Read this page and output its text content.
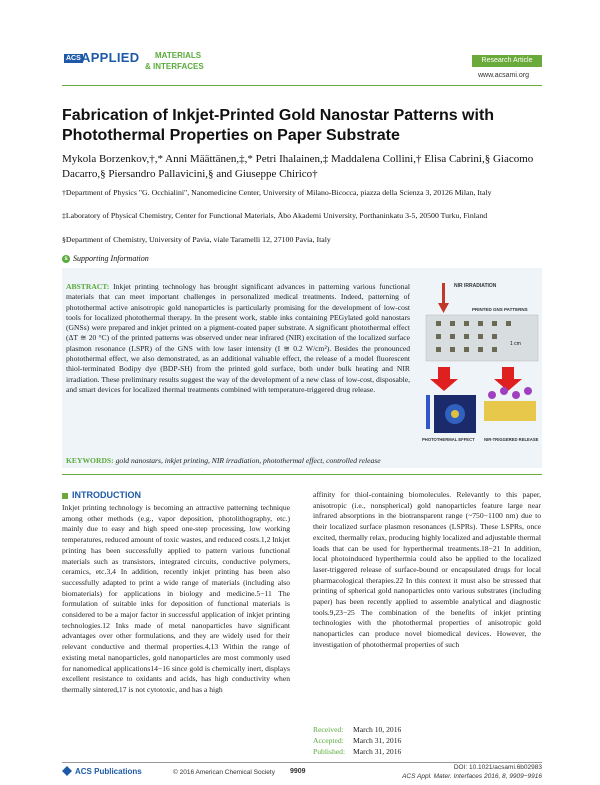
ACS APPLIED MATERIALS
& INTERFACES
Research Article
www.acsami.org
Fabrication of Inkjet-Printed Gold Nanostar Patterns with Photothermal Properties on Paper Substrate
Mykola Borzenkov,†,* Anni Määttänen,‡,* Petri Ihalainen,‡ Maddalena Collini,† Elisa Cabrini,§ Giacomo Dacarro,§ Piersandro Pallavicini,§ and Giuseppe Chirico†
†Department of Physics "G. Occhialini", Nanomedicine Center, University of Milano-Bicocca, piazza della Scienza 3, 20126 Milan, Italy
‡Laboratory of Physical Chemistry, Center for Functional Materials, Åbo Akademi University, Porthaninkatu 3-5, 20500 Turku, Finland
§Department of Chemistry, University of Pavia, viale Taramelli 12, 27100 Pavia, Italy
s Supporting Information
ABSTRACT: Inkjet printing technology has brought significant advances in patterning various functional materials that can meet important challenges in personalized medical treatments. Indeed, patterning of photothermal active anisotropic gold nanoparticles is particularly promising for the development of low-cost tools for localized photothermal therapy. In the present work, stable inks containing PEGylated gold nanostars (GNSs) were prepared and inkjet printed on a pigment-coated paper substrate. A significant photothermal effect (ΔT ≅ 20 °C) of the printed patterns was observed under near infrared (NIR) excitation of the localized surface plasmon resonance (LSPR) of the GNS with low laser intensity (I ≅ 0.2 W/cm²). Besides the pronounced photothermal effect, we also demonstrated, as an additional valuable effect, the release of a model fluorescent thiol-terminated Bodipy dye (BDP-SH) from the printed gold surface, both under bulk heating and NIR irradiation. These preliminary results suggest the way of the development of a new class of low-cost, disposable, and smart devices for localized thermal treatments combined with temperature-triggered drug release.
NIR IRRADIATION
PRINTED GNS PATTERNS
1 cm
PHOTOTHERMAL EFFECT NIR-TRIGGERED RELEASE
KEYWORDS: gold nanostars, inkjet printing, NIR irradiation, photothermal effect, controlled release
INTRODUCTION
Inkjet printing technology is becoming an attractive patterning technique among other methods (e.g., vapor deposition, photolithography, etc.) mainly due to easy and high speed one-step processing, low working temperatures, reduced amount of toxic wastes, and reduced costs.1,2 Inkjet printing has been successfully applied to pattern various functional materials such as transistors, integrated circuits, conductive polymers, ceramics, etc.3,4 In addition, recently inkjet printing has been also successfully adapted to print a wide range of materials (including also biomaterials) for applications in biology and medicine.5−11 The formulation of suitable inks for deposition of functional materials is considered to be a major factor in successful application of inkjet printing technologies.12 Inks made of metal nanoparticles have significant advantages over other formulations, and they are widely used for their relevant conductive and thermal properties.4,13 Within the range of existing metal nanoparticles, gold nanoparticles are most commonly used for nanomedical applications14−16 since gold is chemically inert, displays excellent resistance to oxidants and acids, has high conductivity when thermally sintered,17 is not cytotoxic, and has a high
affinity for thiol-containing biomolecules. Relevantly to this paper, anisotropic (i.e., nonspherical) gold nanoparticles feature large near infrared absorptions in the biotransparent range (~750−1100 nm) due to their localized surface plasmon resonances (LSPRs). These LSPRs, once excited, thermally relax, producing highly localized and adjustable thermal loads that can be used for hyperthermal treatments.18−21 In addition, local photoinduced hyperthermia could also be applied to the localized laser-triggered release of surface-bound or encapsulated drugs for local pharmacological therapies.22 In this context it must also be stressed that printing of spherical gold nanoparticles onto various substrates (including paper) has been recently applied to assemble analytical and diagnostic tools.9,23−25 The combination of the benefits of inkjet printing technologies with the photothermal properties of anisotropic gold nanoparticles can produce novel biomedical devices. However, the investigation of photothermal properties of such
Received: March 10, 2016
Accepted: March 31, 2016
Published: March 31, 2016
ACS Publications	© 2016 American Chemical Society 9909
DOI: 10.1021/acsami.6b02983
ACS Appl. Mater. Interfaces 2016, 8, 9909−9916
